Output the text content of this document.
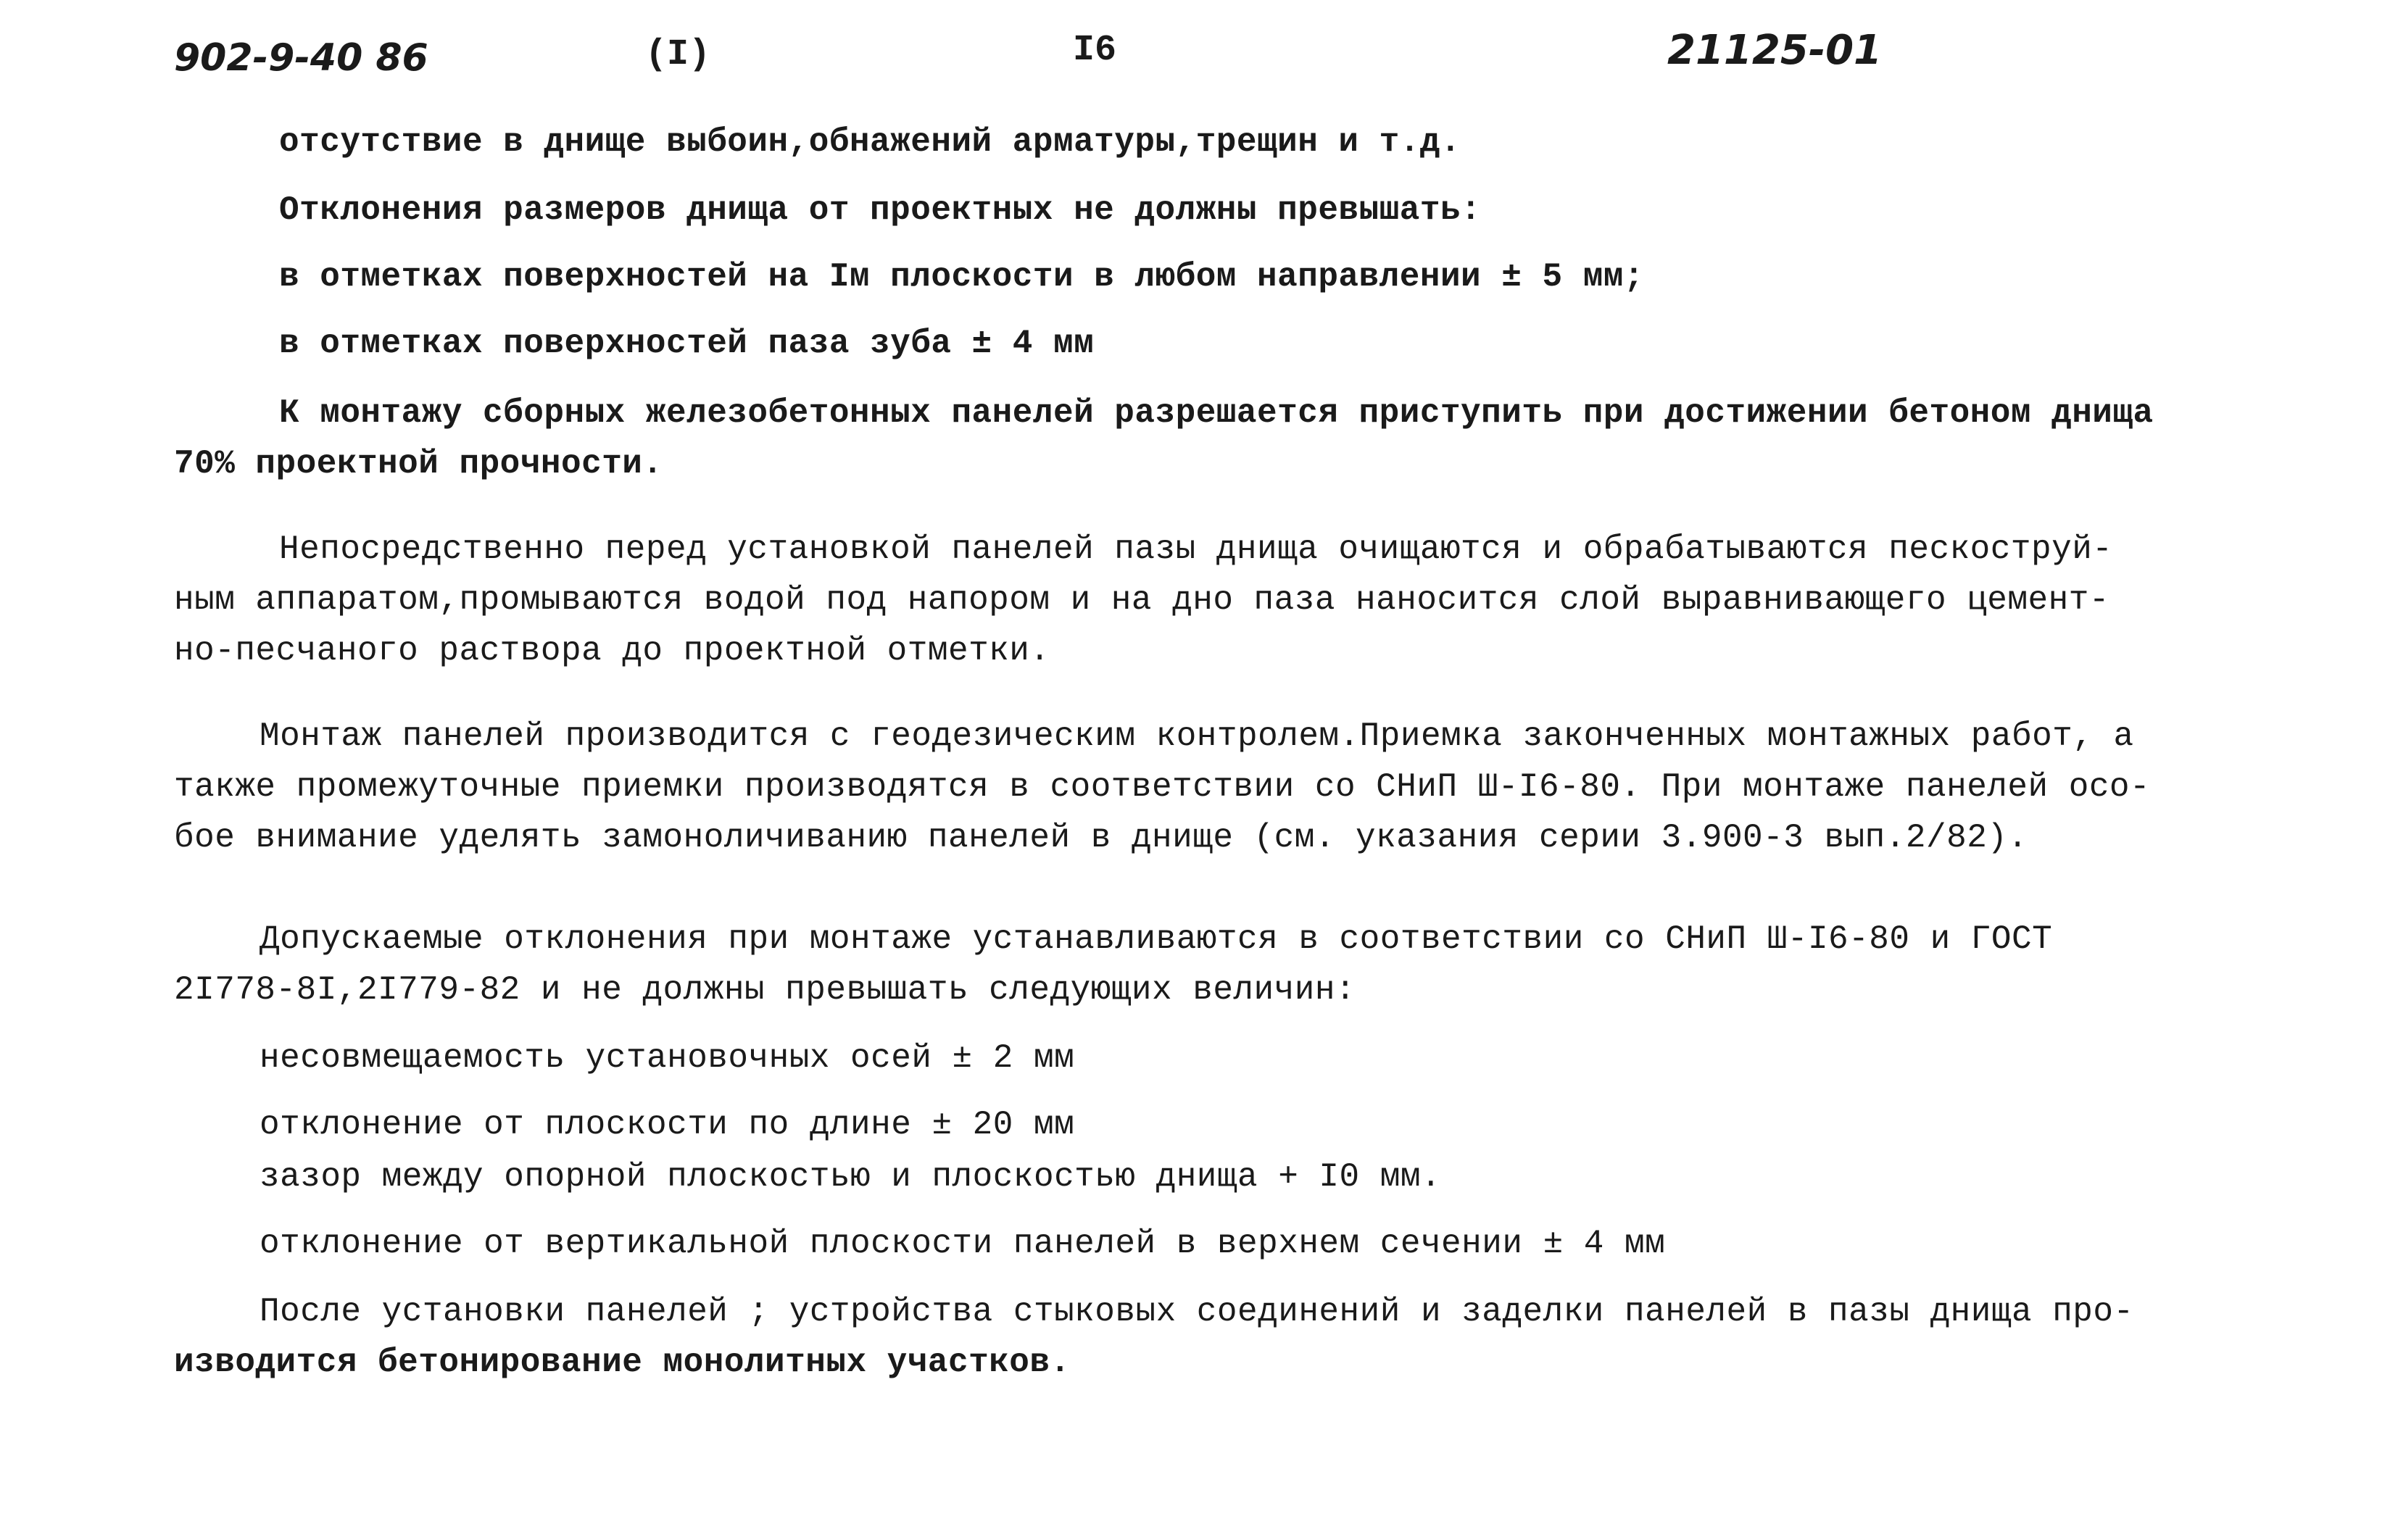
902-9-40 86	(I)	I6	21125-01
отсутствие в днище выбоин,обнажений арматуры,трещин и т.д.
Отклонения размеров днища от проектных не должны превышать:
в отметках поверхностей на Iм плоскости в любом направлении ± 5 мм;
в отметках поверхностей паза зуба ± 4 мм
К монтажу сборных железобетонных панелей разрешается приступить при достижении бетоном днища
70% проектной прочности.
Непосредственно перед установкой панелей пазы днища очищаются и обрабатываются пескоструй-
ным аппаратом,промываются водой под напором и на дно паза наносится слой выравнивающего цемент-
но-песчаного раствора до проектной отметки.
Монтаж панелей производится с геодезическим контролем.Приемка законченных монтажных работ, а
также промежуточные приемки производятся в соответствии со СНиП Ш-I6-80. При монтаже панелей осо-
бое внимание уделять замоноличиванию панелей в днище (см. указания серии 3.900-3 вып.2/82).
Допускаемые отклонения при монтаже устанавливаются в соответствии со СНиП Ш-I6-80 и ГОСТ
2I778-8I,2I779-82 и не должны превышать следующих величин:
несовмещаемость установочных осей ± 2 мм
отклонение от плоскости по длине ± 20 мм
зазор между опорной плоскостью и плоскостью днища + I0 мм.
отклонение от вертикальной плоскости панелей в верхнем сечении ± 4 мм
После установки панелей ; устройства стыковых соединений и заделки панелей в пазы днища про-
изводится бетонирование монолитных участков.
